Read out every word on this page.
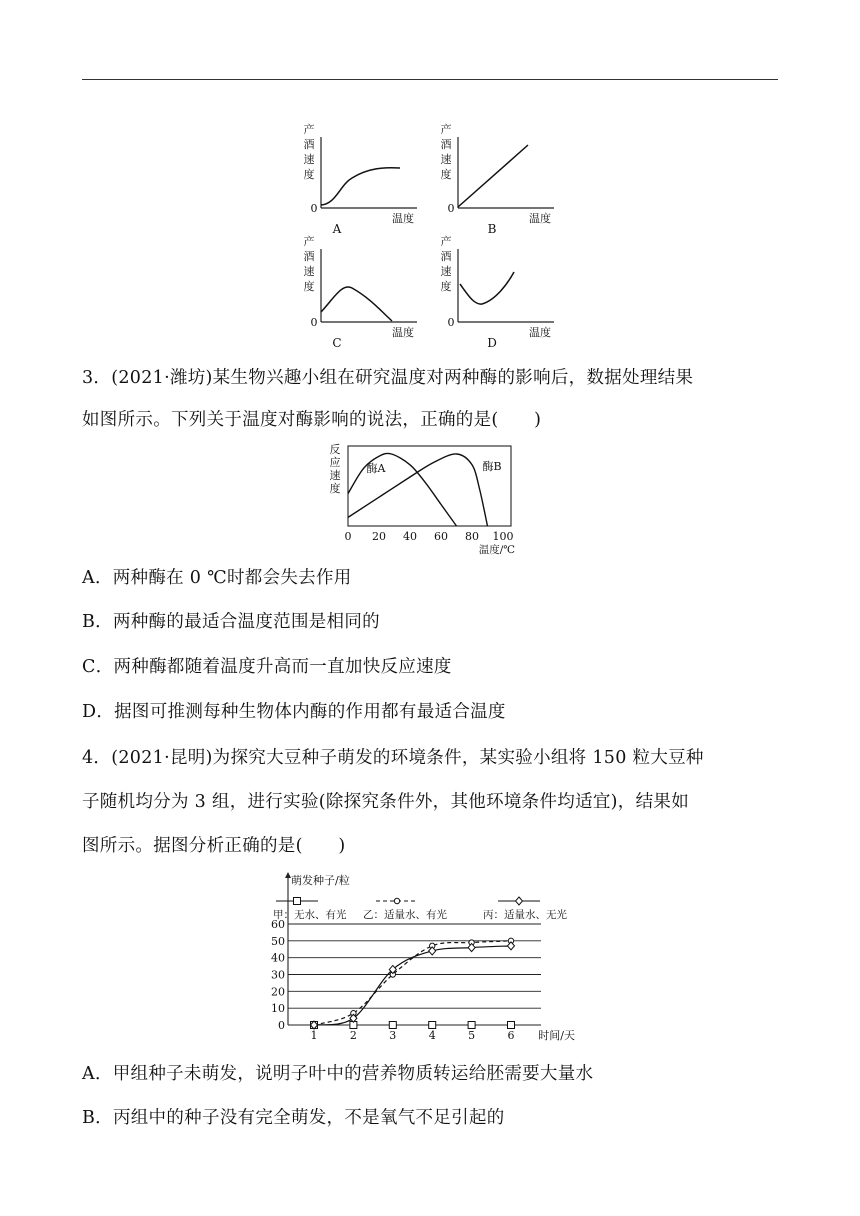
产
酒
速
度
0
温度
A
产
酒
速
度
0
温度
B
产
酒
速
度
0
温度
C
产
酒
速
度
0
温度
D
3．(2021·潍坊)某生物兴趣小组在研究温度对两种酶的影响后，数据处理结果
如图所示。下列关于温度对酶影响的说法，正确的是(　　)
反
应
速
度
0 20 40 60 80 100
温度/℃
酶A	酶B
A．两种酶在 0 ℃时都会失去作用
B．两种酶的最适合温度范围是相同的
C．两种酶都随着温度升高而一直加快反应速度
D．据图可推测每种生物体内酶的作用都有最适合温度
4．(2021·昆明)为探究大豆种子萌发的环境条件，某实验小组将 150 粒大豆种
子随机均分为 3 组，进行实验(除探究条件外，其他环境条件均适宜)，结果如
图所示。据图分析正确的是(　　)
萌发种子/粒
0
10
20
30
40
50
60
1	2	3	4	5	6 时间/天
甲：无水、有光 乙：适量水、有光	丙：适量水、无光
A．甲组种子未萌发，说明子叶中的营养物质转运给胚需要大量水
B．丙组中的种子没有完全萌发，不是氧气不足引起的
